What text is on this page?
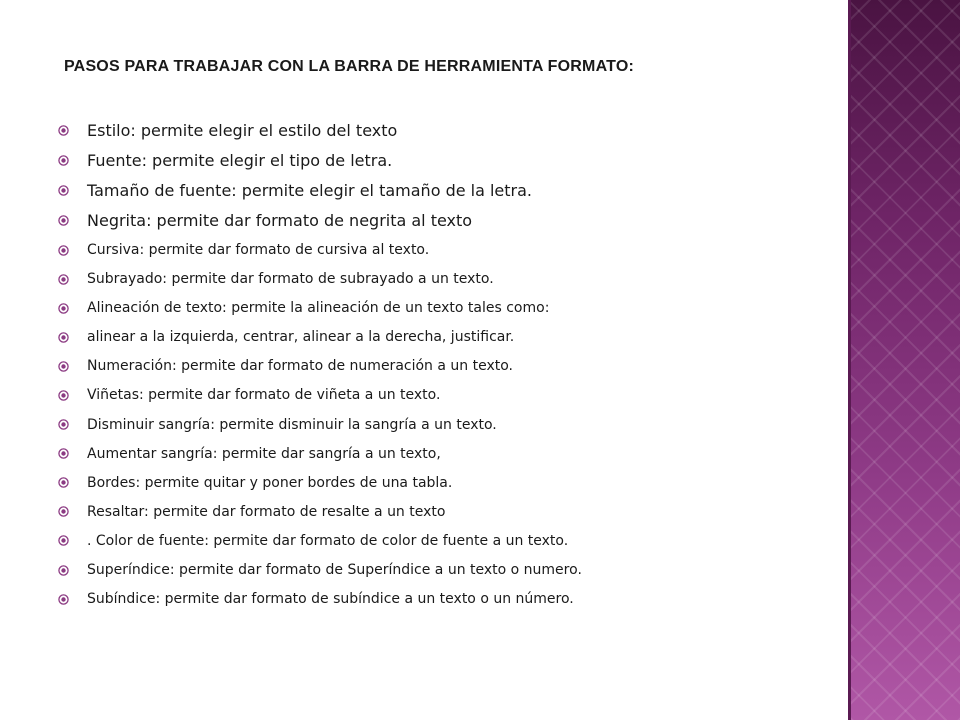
PASOS PARA TRABAJAR CON LA BARRA DE HERRAMIENTA FORMATO:
Estilo: permite elegir el estilo del texto
Fuente: permite elegir el tipo de letra.
Tamaño de fuente: permite elegir el tamaño de la letra.
Negrita: permite dar formato de negrita al texto
Cursiva: permite dar formato de cursiva al texto.
Subrayado: permite dar formato de subrayado a un texto.
Alineación de texto: permite la alineación de un texto tales como:
alinear a la izquierda, centrar, alinear a la derecha, justificar.
Numeración: permite dar formato de numeración a un texto.
Viñetas: permite dar formato de viñeta a un texto.
Disminuir sangría: permite disminuir la sangría a un texto.
Aumentar sangría: permite dar sangría a un texto,
Bordes: permite quitar y poner bordes de una tabla.
Resaltar: permite dar formato de resalte a un texto
. Color de fuente: permite dar formato de color de fuente a un texto.
Superíndice: permite dar formato de Superíndice a un texto o numero.
Subíndice: permite dar formato de subíndice a un texto o un número.
